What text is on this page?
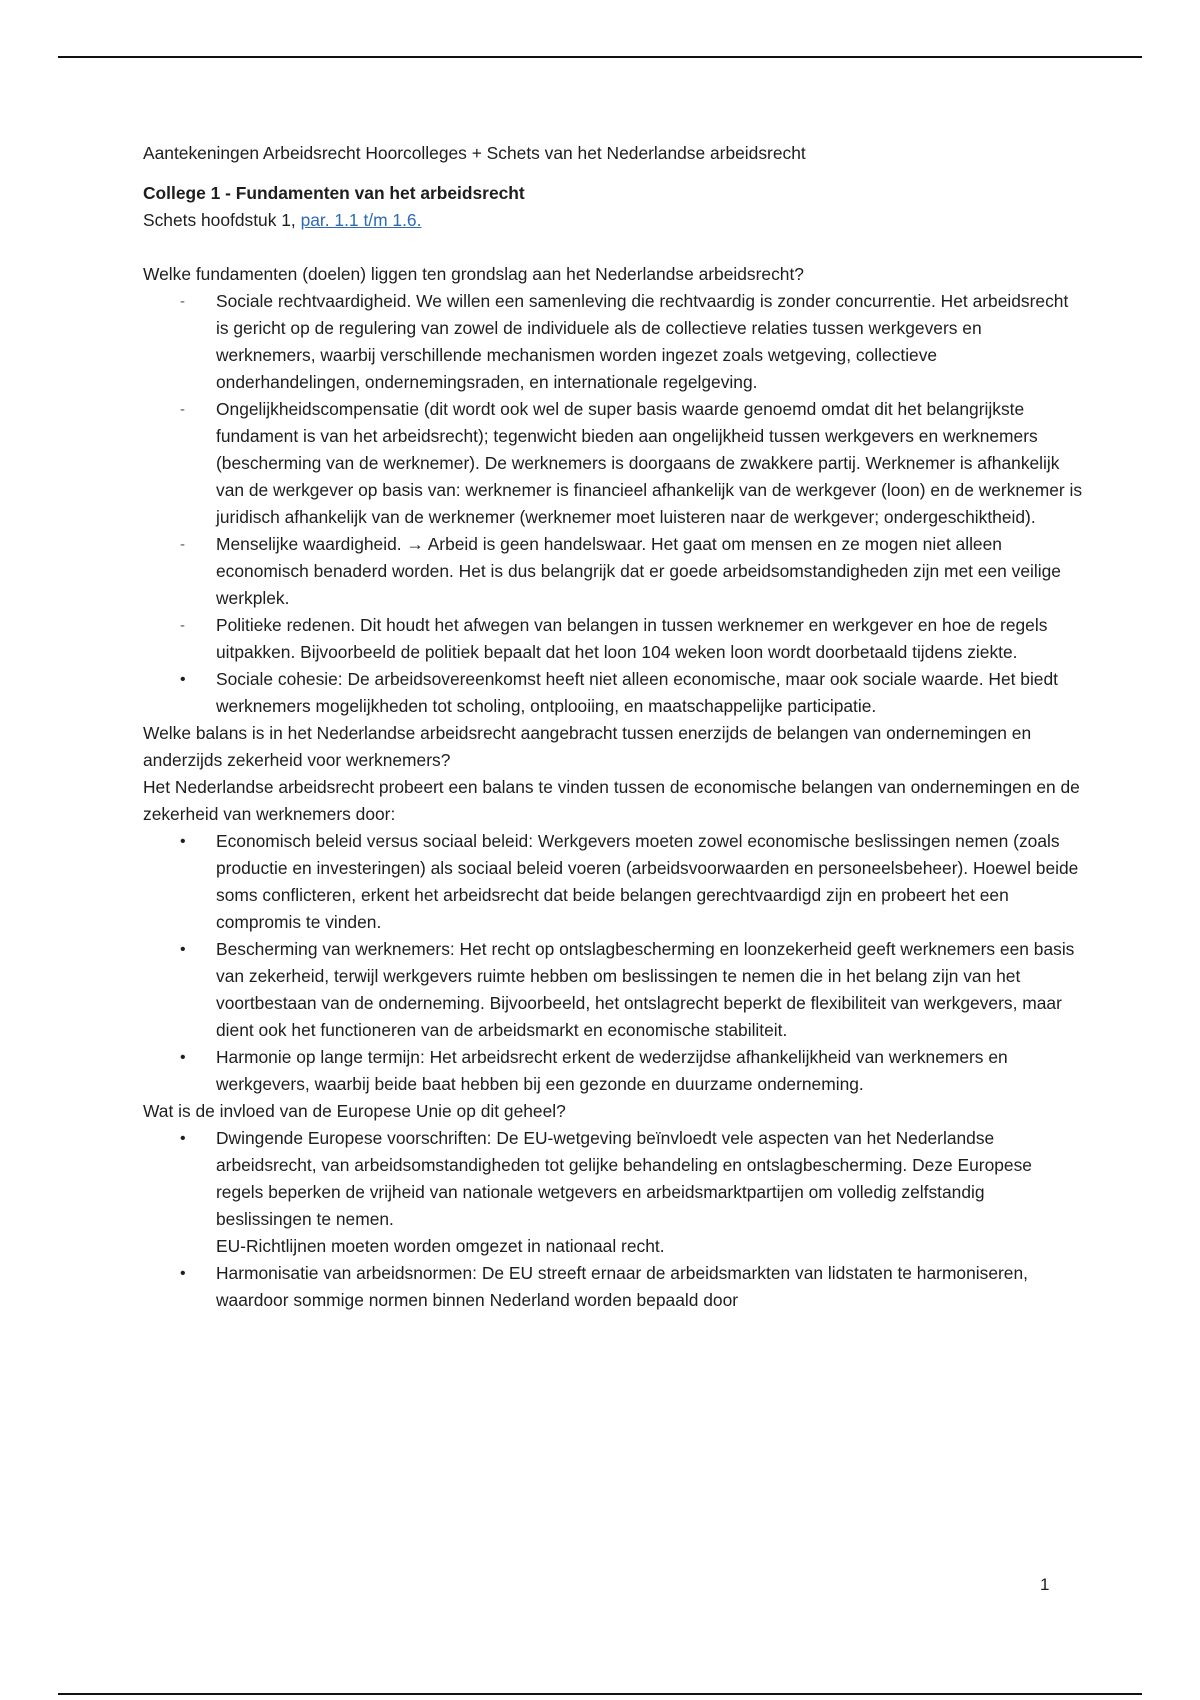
Aantekeningen Arbeidsrecht Hoorcolleges + Schets van het Nederlandse arbeidsrecht

College 1 - Fundamenten van het arbeidsrecht

Schets hoofdstuk 1, par. 1.1 t/m 1.6.

Welke fundamenten (doelen) liggen ten grondslag aan het Nederlandse arbeidsrecht?

- Sociale rechtvaardigheid. We willen een samenleving die rechtvaardig is zonder concurrentie. Het arbeidsrecht is gericht op de regulering van zowel de individuele als de collectieve relaties tussen werkgevers en werknemers, waarbij verschillende mechanismen worden ingezet zoals wetgeving, collectieve onderhandelingen, ondernemingsraden, en internationale regelgeving.
- Ongelijkheidscompensatie (dit wordt ook wel de super basis waarde genoemd omdat dit het belangrijkste fundament is van het arbeidsrecht); tegenwicht bieden aan ongelijkheid tussen werkgevers en werknemers (bescherming van de werknemer). De werknemers is doorgaans de zwakkere partij. Werknemer is afhankelijk van de werkgever op basis van: werknemer is financieel afhankelijk van de werkgever (loon) en de werknemer is juridisch afhankelijk van de werknemer (werknemer moet luisteren naar de werkgever; ondergeschiktheid).
- Menselijke waardigheid. → Arbeid is geen handelswaar. Het gaat om mensen en ze mogen niet alleen economisch benaderd worden. Het is dus belangrijk dat er goede arbeidsomstandigheden zijn met een veilige werkplek.
- Politieke redenen. Dit houdt het afwegen van belangen in tussen werknemer en werkgever en hoe de regels uitpakken. Bijvoorbeeld de politiek bepaalt dat het loon 104 weken loon wordt doorbetaald tijdens ziekte.
• Sociale cohesie: De arbeidsovereenkomst heeft niet alleen economische, maar ook sociale waarde. Het biedt werknemers mogelijkheden tot scholing, ontplooiing, en maatschappelijke participatie.

Welke balans is in het Nederlandse arbeidsrecht aangebracht tussen enerzijds de belangen van ondernemingen en anderzijds zekerheid voor werknemers?

Het Nederlandse arbeidsrecht probeert een balans te vinden tussen de economische belangen van ondernemingen en de zekerheid van werknemers door:

• Economisch beleid versus sociaal beleid: Werkgevers moeten zowel economische beslissingen nemen (zoals productie en investeringen) als sociaal beleid voeren (arbeidsvoorwaarden en personeelsbeheer). Hoewel beide soms conflicteren, erkent het arbeidsrecht dat beide belangen gerechtvaardigd zijn en probeert het een compromis te vinden.
• Bescherming van werknemers: Het recht op ontslagbescherming en loonzekerheid geeft werknemers een basis van zekerheid, terwijl werkgevers ruimte hebben om beslissingen te nemen die in het belang zijn van het voortbestaan van de onderneming. Bijvoorbeeld, het ontslagrecht beperkt de flexibiliteit van werkgevers, maar dient ook het functioneren van de arbeidsmarkt en economische stabiliteit.
• Harmonie op lange termijn: Het arbeidsrecht erkent de wederzijdse afhankelijkheid van werknemers en werkgevers, waarbij beide baat hebben bij een gezonde en duurzame onderneming.

Wat is de invloed van de Europese Unie op dit geheel?

• Dwingende Europese voorschriften: De EU-wetgeving beïnvloedt vele aspecten van het Nederlandse arbeidsrecht, van arbeidsomstandigheden tot gelijke behandeling en ontslagbescherming. Deze Europese regels beperken de vrijheid van nationale wetgevers en arbeidsmarktpartijen om volledig zelfstandig beslissingen te nemen.
EU-Richtlijnen moeten worden omgezet in nationaal recht.
• Harmonisatie van arbeidsnormen: De EU streeft ernaar de arbeidsmarkten van lidstaten te harmoniseren, waardoor sommige normen binnen Nederland worden bepaald door
1
